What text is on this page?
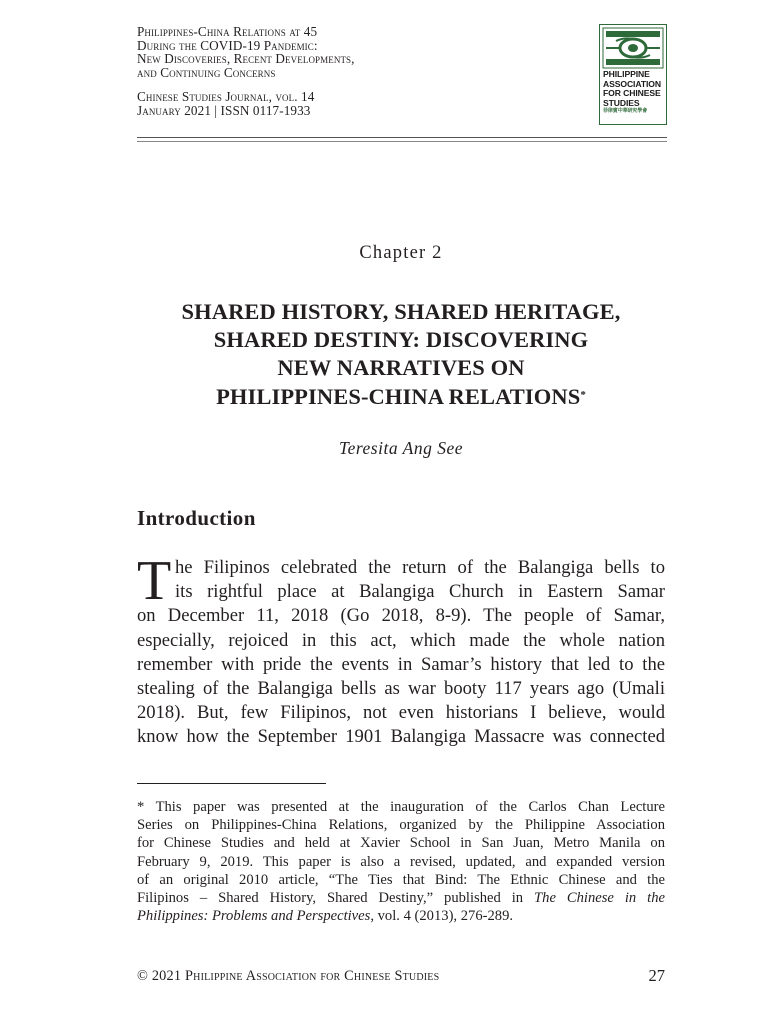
Philippines-China Relations at 45
During the COVID-19 Pandemic:
New Discoveries, Recent Developments,
and Continuing Concerns
Chinese Studies Journal, vol. 14
January 2021 | ISSN 0117-1933
PHILIPPINE
ASSOCIATION
FOR CHINESE
STUDIES
菲律賓中華研究學會
Chapter 2
SHARED HISTORY, SHARED HERITAGE,
SHARED DESTINY: DISCOVERING
NEW NARRATIVES ON
PHILIPPINES-CHINA RELATIONS*
Teresita Ang See
Introduction
T he Filipinos celebrated the return of the Balangiga bells to
its rightful place at Balangiga Church in Eastern Samar
on December 11, 2018 (Go 2018, 8-9). The people of Samar,
especially, rejoiced in this act, which made the whole nation
remember with pride the events in Samar’s history that led to the
stealing of the Balangiga bells as war booty 117 years ago (Umali
2018). But, few Filipinos, not even historians I believe, would
know how the September 1901 Balangiga Massacre was connected
* This paper was presented at the inauguration of the Carlos Chan Lecture
Series on Philippines-China Relations, organized by the Philippine Association
for Chinese Studies and held at Xavier School in San Juan, Metro Manila on
February 9, 2019. This paper is also a revised, updated, and expanded version
of an original 2010 article, “The Ties that Bind: The Ethnic Chinese and the
Filipinos – Shared History, Shared Destiny,” published in The Chinese in the
Philippines: Problems and Perspectives, vol. 4 (2013), 276-289.
© 2021 Philippine Association for Chinese Studies	27
